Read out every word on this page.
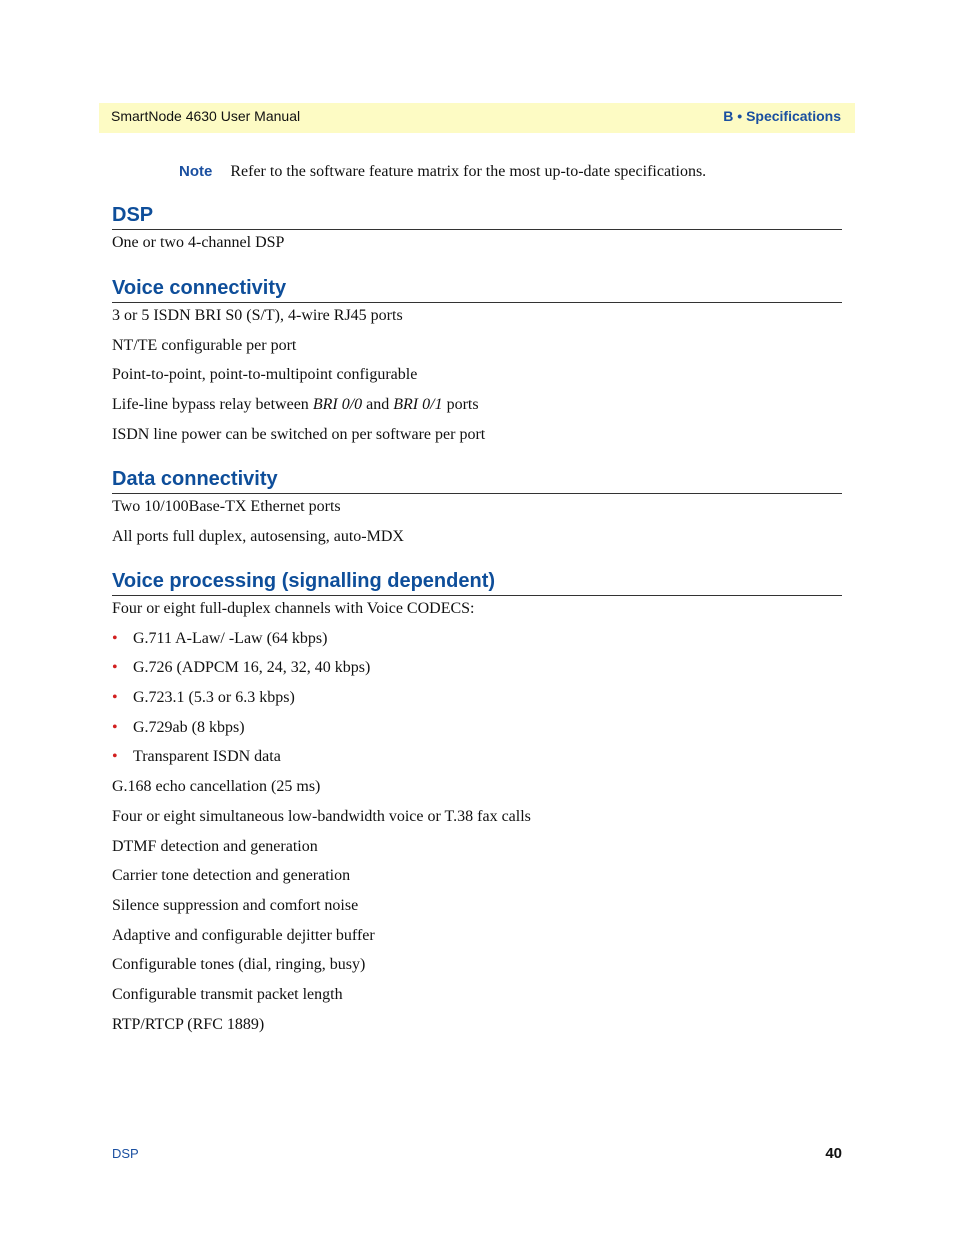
SmartNode 4630 User Manual	B • Specifications
Note Refer to the software feature matrix for the most up-to-date specifications.
DSP

One or two 4-channel DSP

Voice connectivity

3 or 5 ISDN BRI S0 (S/T), 4-wire RJ45 ports

NT/TE configurable per port

Point-to-point, point-to-multipoint configurable

Life-line bypass relay between BRI 0/0 and BRI 0/1 ports

ISDN line power can be switched on per software per port

Data connectivity

Two 10/100Base-TX Ethernet ports

All ports full duplex, autosensing, auto-MDX

Voice processing (signalling dependent)

Four or eight full-duplex channels with Voice CODECS:

• G.711 A-Law/ -Law (64 kbps)

• G.726 (ADPCM 16, 24, 32, 40 kbps)

• G.723.1 (5.3 or 6.3 kbps)

• G.729ab (8 kbps)

• Transparent ISDN data

G.168 echo cancellation (25 ms)

Four or eight simultaneous low-bandwidth voice or T.38 fax calls

DTMF detection and generation

Carrier tone detection and generation

Silence suppression and comfort noise

Adaptive and configurable dejitter buffer

Configurable tones (dial, ringing, busy)

Configurable transmit packet length

RTP/RTCP (RFC 1889)

DSP	40
